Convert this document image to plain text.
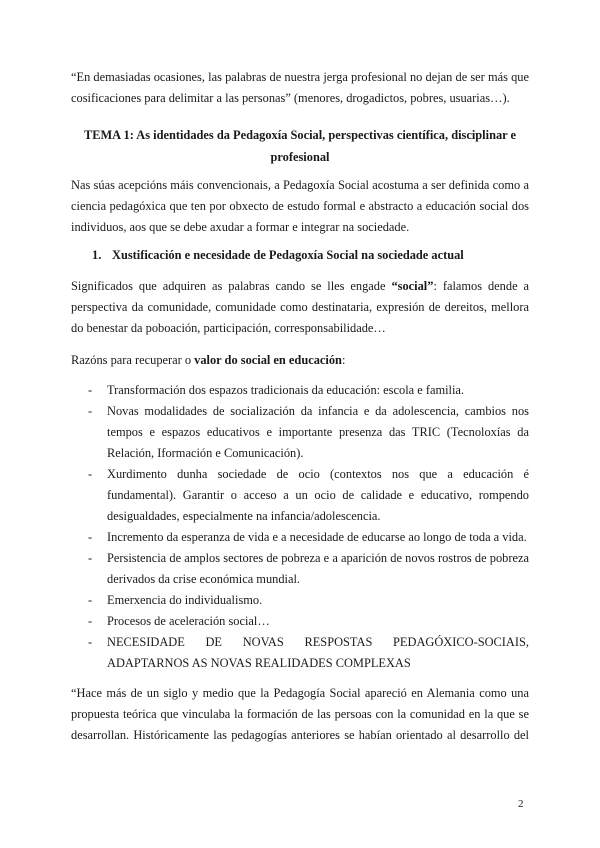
“En demasiadas ocasiones, las palabras de nuestra jerga profesional no dejan de ser más que cosificaciones para delimitar a las personas” (menores, drogadictos, pobres, usuarias…).

TEMA 1: As identidades da Pedagoxía Social, perspectivas científica, disciplinar e
profesional

Nas súas acepcións máis convencionais, a Pedagoxía Social acostuma a ser definida como a ciencia pedagóxica que ten por obxecto de estudo formal e abstracto a educación social dos individuos, aos que se debe axudar a formar e integrar na sociedade.

1. Xustificación e necesidade de Pedagoxía Social na sociedade actual

Significados que adquiren as palabras cando se lles engade “social”: falamos dende a perspectiva da comunidade, comunidade como destinataria, expresión de dereitos, mellora do benestar da poboación, participación, corresponsabilidade…

Razóns para recuperar o valor do social en educación:

- Transformación dos espazos tradicionais da educación: escola e familia.
- Novas modalidades de socialización da infancia e da adolescencia, cambios nos tempos e espazos educativos e importante presenza das TRIC (Tecnoloxías da Relación, Iformación e Comunicación).
- Xurdimento dunha sociedade de ocio (contextos nos que a educación é fundamental). Garantir o acceso a un ocio de calidade e educativo, rompendo desigualdades, especialmente na infancia/adolescencia.
- Incremento da esperanza de vida e a necesidade de educarse ao longo de toda a vida.
- Persistencia de amplos sectores de pobreza e a aparición de novos rostros de pobreza derivados da crise económica mundial.
- Emerxencia do individualismo.
- Procesos de aceleración social…
- NECESIDADE DE NOVAS RESPOSTAS PEDAGÓXICO-SOCIAIS, ADAPTARNOS AS NOVAS REALIDADES COMPLEXAS

“Hace más de un siglo y medio que la Pedagogía Social apareció en Alemania como una propuesta teórica que vinculaba la formación de las persoas con la comunidad en la que se desarrollan. Históricamente las pedagogías anteriores se habían orientado al desarrollo del

2
